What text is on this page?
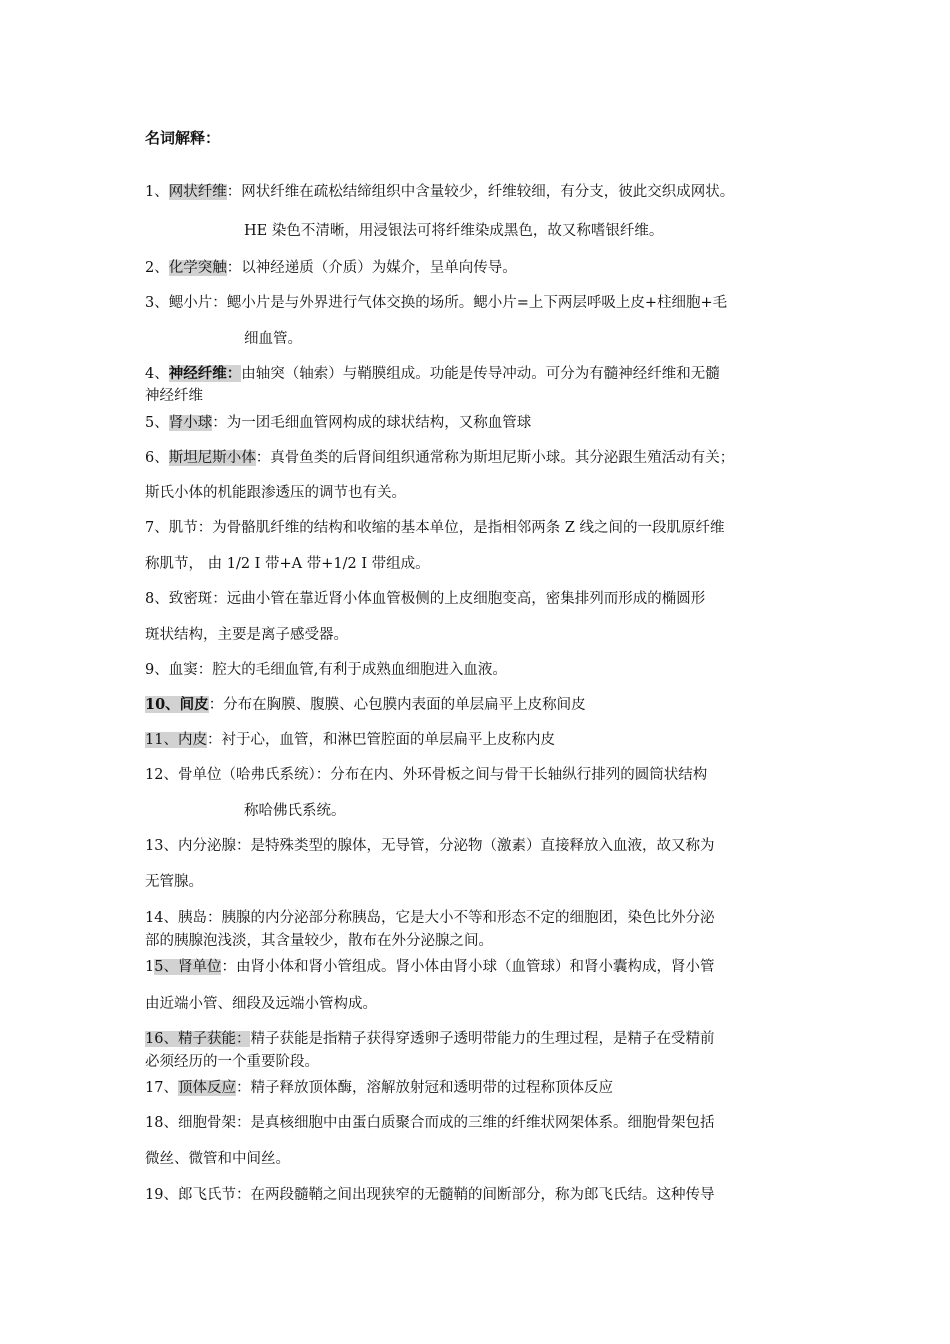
名词解释：
1、网状纤维：网状纤维在疏松结缔组织中含量较少，纤维较细，有分支，彼此交织成网状。
HE 染色不清晰，用浸银法可将纤维染成黑色，故又称嗜银纤维。
2、化学突触：以神经递质（介质）为媒介，呈单向传导。
3、鳃小片：鳃小片是与外界进行气体交换的场所。鳃小片=上下两层呼吸上皮+柱细胞+毛
细血管。
4、神经纤维：由轴突（轴索）与鞘膜组成。功能是传导冲动。可分为有髓神经纤维和无髓
神经纤维
5、肾小球：为一团毛细血管网构成的球状结构，又称血管球
6、斯坦尼斯小体：真骨鱼类的后肾间组织通常称为斯坦尼斯小球。其分泌跟生殖活动有关；
斯氏小体的机能跟渗透压的调节也有关。
7、肌节：为骨骼肌纤维的结构和收缩的基本单位，是指相邻两条 Z 线之间的一段肌原纤维
称肌节， 由 1/2 I 带+A 带+1/2 I 带组成。
8、致密斑：远曲小管在靠近肾小体血管极侧的上皮细胞变高，密集排列而形成的椭圆形
斑状结构，主要是离子感受器。
9、血窦：腔大的毛细血管,有利于成熟血细胞进入血液。
10、间皮：分布在胸膜、腹膜、心包膜内表面的单层扁平上皮称间皮
11、内皮：衬于心，血管，和淋巴管腔面的单层扁平上皮称内皮
12、骨单位（哈弗氏系统）：分布在内、外环骨板之间与骨干长轴纵行排列的圆筒状结构
称哈佛氏系统。
13、内分泌腺：是特殊类型的腺体，无导管，分泌物（激素）直接释放入血液，故又称为
无管腺。
14、胰岛：胰腺的内分泌部分称胰岛，它是大小不等和形态不定的细胞团，染色比外分泌
部的胰腺泡浅淡，其含量较少，散布在外分泌腺之间。
15、肾单位：由肾小体和肾小管组成。肾小体由肾小球（血管球）和肾小囊构成，肾小管
由近端小管、细段及远端小管构成。
16、精子获能：精子获能是指精子获得穿透卵子透明带能力的生理过程，是精子在受精前
必须经历的一个重要阶段。
17、顶体反应：精子释放顶体酶，溶解放射冠和透明带的过程称顶体反应
18、细胞骨架：是真核细胞中由蛋白质聚合而成的三维的纤维状网架体系。细胞骨架包括
微丝、微管和中间丝。
19、郎飞氏节：在两段髓鞘之间出现狭窄的无髓鞘的间断部分，称为郎飞氏结。这种传导
